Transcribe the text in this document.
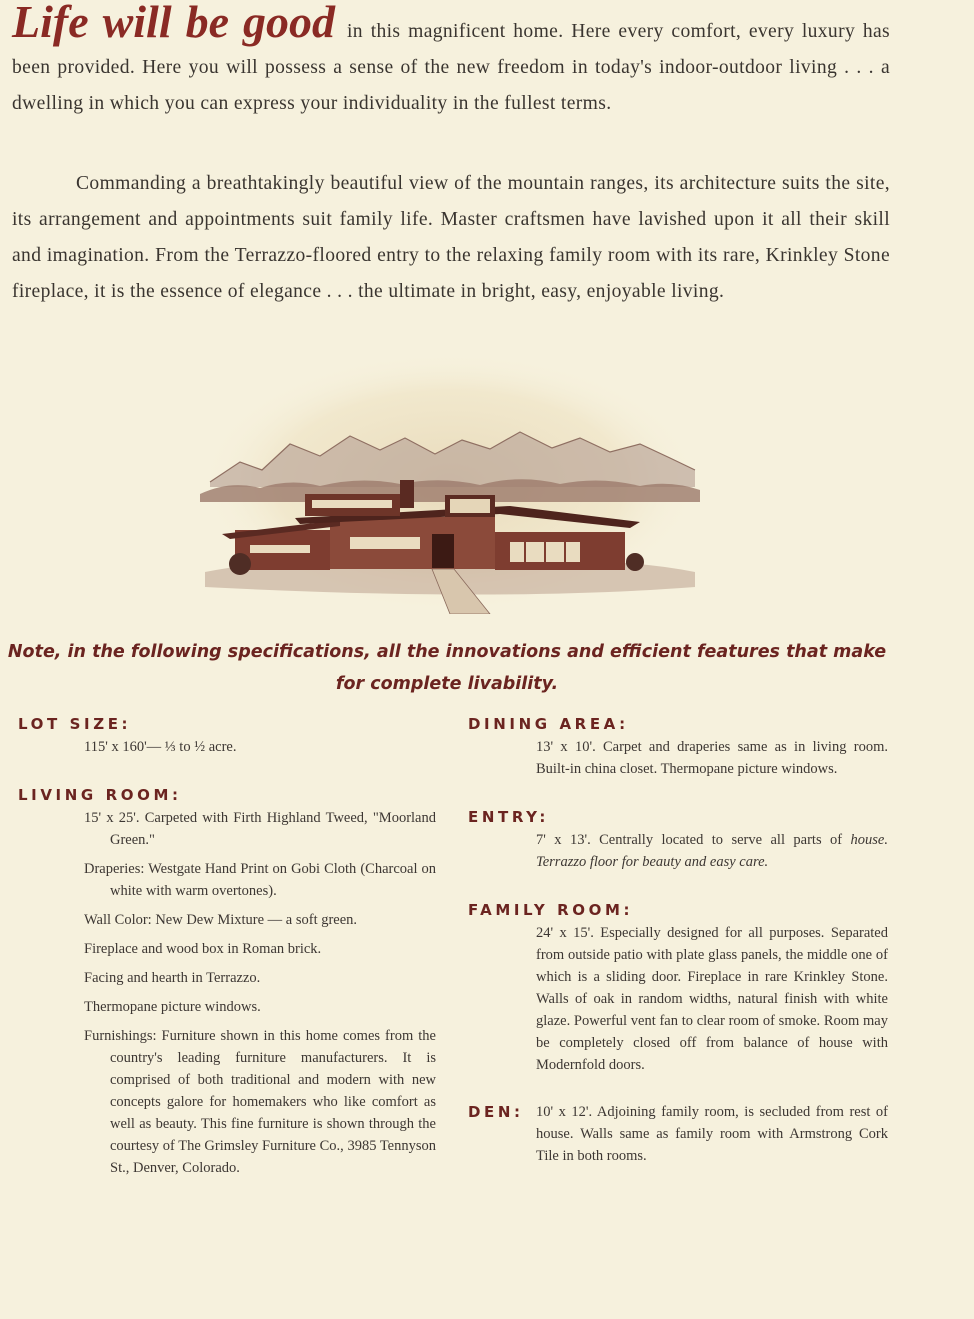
Life will be good in this magnificent home. Here every comfort, every luxury has been provided. Here you will possess a sense of the new freedom in today's indoor-outdoor living . . . a dwelling in which you can express your individuality in the fullest terms.

Commanding a breathtakingly beautiful view of the mountain ranges, its architecture suits the site, its arrangement and appointments suit family life. Master craftsmen have lavished upon it all their skill and imagination. From the Terrazzo-floored entry to the relaxing family room with its rare, Krinkley Stone fireplace, it is the essence of elegance . . . the ultimate in bright, easy, enjoyable living.

Note, in the following specifications, all the innovations and efficient features that make
for complete livability.
LOT SIZE:

115' x 160'— ⅓ to ½ acre.

LIVING ROOM:

15' x 25'. Carpeted with Firth Highland Tweed, "Moorland Green."

Draperies: Westgate Hand Print on Gobi Cloth (Charcoal on white with warm overtones).

Wall Color: New Dew Mixture — a soft green.

Fireplace and wood box in Roman brick.

Facing and hearth in Terrazzo.

Thermopane picture windows.

Furnishings: Furniture shown in this home comes from the country's leading furniture manufacturers. It is comprised of both traditional and modern with new concepts galore for homemakers who like comfort as well as beauty. This fine furniture is shown through the courtesy of The Grimsley Furniture Co., 3985 Tennyson St., Denver, Colorado.

DINING AREA:

13' x 10'. Carpet and draperies same as in living room. Built-in china closet. Thermopane picture windows.

ENTRY:

7' x 13'. Centrally located to serve all parts of house. Terrazzo floor for beauty and easy care.

FAMILY ROOM:

24' x 15'. Especially designed for all purposes. Separated from outside patio with plate glass panels, the middle one of which is a sliding door. Fireplace in rare Krinkley Stone. Walls of oak in random widths, natural finish with white glaze. Powerful vent fan to clear room of smoke. Room may be completely closed off from balance of house with Modernfold doors.

DEN: 10' x 12'. Adjoining family room, is secluded from rest of house. Walls same as family room with Armstrong Cork Tile in both rooms.
